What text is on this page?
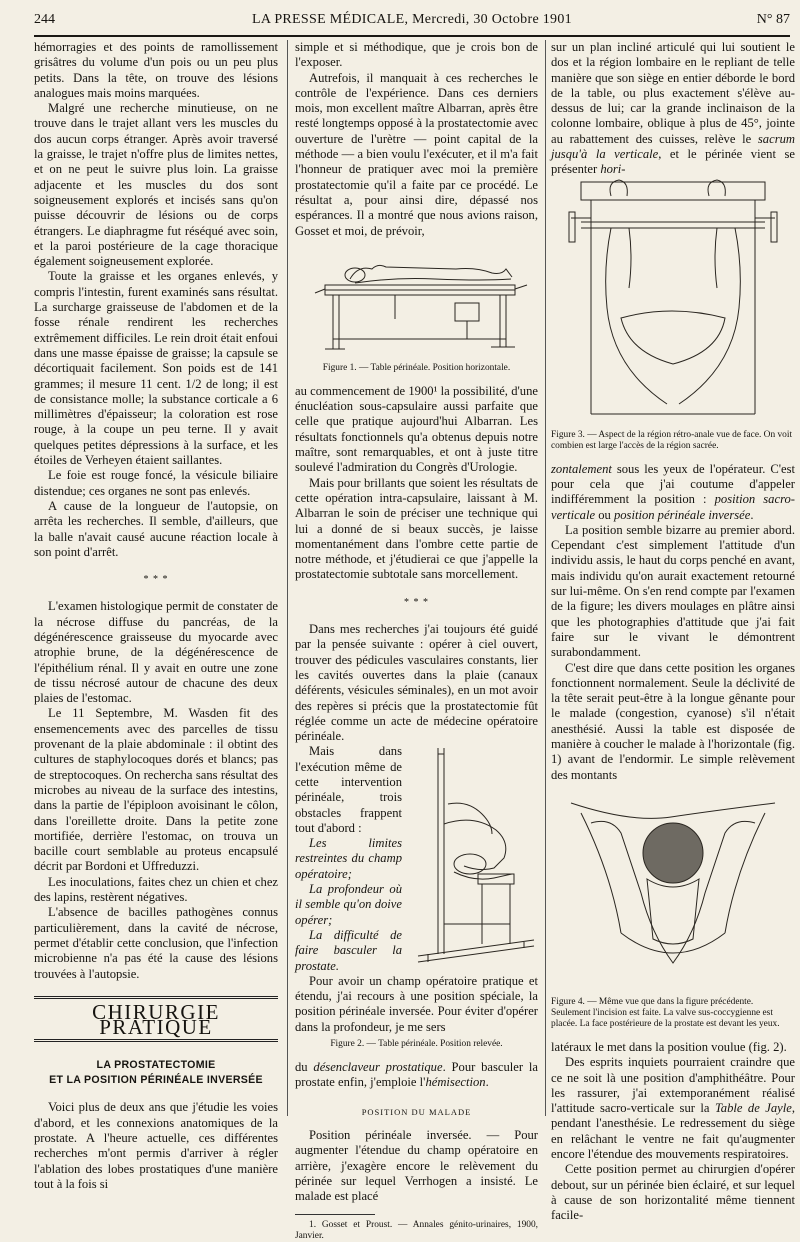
244	LA PRESSE MÉDICALE, Mercredi, 30 Octobre 1901	N° 87

hémorragies et des points de ramollissement grisâtres du volume d'un pois ou un peu plus petits. Dans la tête, on trouve des lésions analogues mais moins marquées.

Malgré une recherche minutieuse, on ne trouve dans le trajet allant vers les muscles du dos aucun corps étranger. Après avoir traversé la graisse, le trajet n'offre plus de limites nettes, et on ne peut le suivre plus loin. La graisse adjacente et les muscles du dos sont soigneusement explorés et incisés sans qu'on puisse découvrir de lésions ou de corps étrangers. Le diaphragme fut réséqué avec soin, et la paroi postérieure de la cage thoracique également soigneusement explorée.

Toute la graisse et les organes enlevés, y compris l'intestin, furent examinés sans résultat. La surcharge graisseuse de l'abdomen et de la fosse rénale rendirent les recherches extrêmement difficiles. Le rein droit était enfoui dans une masse épaisse de graisse; la capsule se décortiquait facilement. Son poids est de 141 grammes; il mesure 11 cent. 1/2 de long; il est de consistance molle; la substance corticale a 6 millimètres d'épaisseur; la coloration est rose rouge, à la coupe un peu terne. Il y avait quelques petites dépressions à la surface, et les étoiles de Verheyen étaient saillantes.

Le foie est rouge foncé, la vésicule biliaire distendue; ces organes ne sont pas enlevés.

A cause de la longueur de l'autopsie, on arrêta les recherches. Il semble, d'ailleurs, que la balle n'avait causé aucune réaction locale à son point d'arrêt.

* * *

L'examen histologique permit de constater de la nécrose diffuse du pancréas, de la dégénérescence graisseuse du myocarde avec atrophie brune, de la dégénérescence de l'épithélium rénal. Il y avait en outre une zone de tissu nécrosé autour de chacune des deux plaies de l'estomac.

Le 11 Septembre, M. Wasden fit des ensemencements avec des parcelles de tissu provenant de la plaie abdominale : il obtint des cultures de staphylocoques dorés et blancs; pas de streptocoques. On rechercha sans résultat des microbes au niveau de la surface des intestins, dans la partie de l'épiploon avoisinant le côlon, dans l'oreillette droite. Dans la petite zone mortifiée, derrière l'estomac, on trouva un bacille court semblable au proteus encapsulé décrit par Bordoni et Uffreduzzi.

Les inoculations, faites chez un chien et chez des lapins, restèrent négatives.

L'absence de bacilles pathogènes connus particulièrement, dans la cavité de nécrose, permet d'établir cette conclusion, que l'infection microbienne n'a pas été la cause des lésions trouvées à l'autopsie.

CHIRURGIE PRATIQUE
LA PROSTATECTOMIE
ET LA POSITION PÉRINÉALE INVERSÉE

Voici plus de deux ans que j'étudie les voies d'abord, et les connexions anatomiques de la prostate. A l'heure actuelle, ces différentes recherches m'ont permis d'arriver à régler l'ablation des lobes prostatiques d'une manière tout à la fois si

simple et si méthodique, que je crois bon de l'exposer.

Autrefois, il manquait à ces recherches le contrôle de l'expérience. Dans ces derniers mois, mon excellent maître Albarran, après être resté longtemps opposé à la prostatectomie avec ouverture de l'urètre — point capital de la méthode — a bien voulu l'exécuter, et il m'a fait l'honneur de pratiquer avec moi la première prostatectomie qu'il a faite par ce procédé. Le résultat a, pour ainsi dire, dépassé nos espérances. Il a montré que nous avions raison, Gosset et moi, de prévoir,

Figure 1. — Table périnéale. Position horizontale.

au commencement de 1900¹ la possibilité, d'une énucléation sous-capsulaire aussi parfaite que celle que pratique aujourd'hui Albarran. Les résultats fonctionnels qu'a obtenus depuis notre maître, sont remarquables, et ont à juste titre soulevé l'admiration du Congrès d'Urologie.

Mais pour brillants que soient les résultats de cette opération intra-capsulaire, laissant à M. Albarran le soin de préciser une technique qui lui a donné de si beaux succès, je laisse momentanément dans l'ombre cette partie de notre méthode, et j'étudierai ce que j'appelle la prostatectomie subtotale sans morcellement.

* * *

Dans mes recherches j'ai toujours été guidé par la pensée suivante : opérer à ciel ouvert, trouver des pédicules vasculaires constants, lier les cavités ouvertes dans la plaie (canaux déférents, vésicules séminales), en un mot avoir des repères si précis que la prostatectomie fût réglée comme un acte de médecine opératoire périnéale.

Mais dans l'exécution même de cette intervention périnéale, trois obstacles frappent tout d'abord :

Les limites restreintes du champ opératoire;

La profondeur où il semble qu'on doive opérer;

La difficulté de faire basculer la prostate.

Pour avoir un champ opératoire pratique et étendu, j'ai recours à une position spéciale, la position périnéale inversée. Pour éviter d'opérer dans la profondeur, je me sers

Figure 2. — Table périnéale. Position relevée.

du désenclaveur prostatique. Pour basculer la prostate enfin, j'emploie l'hémisection.

POSITION DU MALADE

Position périnéale inversée. — Pour augmenter l'étendue du champ opératoire en arrière, j'exagère encore le relèvement du périnée sur lequel Verrhogen a insisté. Le malade est placé

1. Gosset et Proust. — Annales génito-urinaires, 1900, Janvier.

sur un plan incliné articulé qui lui soutient le dos et la région lombaire en le repliant de telle manière que son siège en entier déborde le bord de la table, ou plus exactement s'élève au-dessus de lui; car la grande inclinaison de la colonne lombaire, oblique à plus de 45°, jointe au rabattement des cuisses, relève le sacrum jusqu'à la verticale, et le périnée vient se présenter hori-

Figure 3. — Aspect de la région rétro-anale vue de face. On voit combien est large l'accès de la région sacrée.

zontalement sous les yeux de l'opérateur. C'est pour cela que j'ai coutume d'appeler indifféremment la position : position sacro-verticale ou position périnéale inversée.

La position semble bizarre au premier abord. Cependant c'est simplement l'attitude d'un individu assis, le haut du corps penché en avant, mais individu qu'on aurait exactement retourné sur lui-même. On s'en rend compte par l'examen de la figure; les divers moulages en plâtre ainsi que les photographies d'attitude que j'ai fait faire sur le vivant le démontrent surabondamment.

C'est dire que dans cette position les organes fonctionnent normalement. Seule la déclivité de la tête serait peut-être à la longue gênante pour le malade (congestion, cyanose) s'il n'était anesthésié. Aussi la table est disposée de manière à coucher le malade à l'horizontale (fig. 1) avant de l'endormir. Le simple relèvement des montants

Figure 4. — Même vue que dans la figure précédente. Seulement l'incision est faite. La valve sus-coccygienne est placée. La face postérieure de la prostate est devant les yeux.

latéraux le met dans la position voulue (fig. 2).

Des esprits inquiets pourraient craindre que ce ne soit là une position d'amphithéâtre. Pour les rassurer, j'ai extemporanément réalisé l'attitude sacro-verticale sur la Table de Jayle, pendant l'anesthésie. Le redressement du siège en relâchant le ventre ne fait qu'augmenter encore l'étendue des mouvements respiratoires.

Cette position permet au chirurgien d'opérer debout, sur un périnée bien éclairé, et sur lequel à cause de son horizontalité même tiennent facile-
